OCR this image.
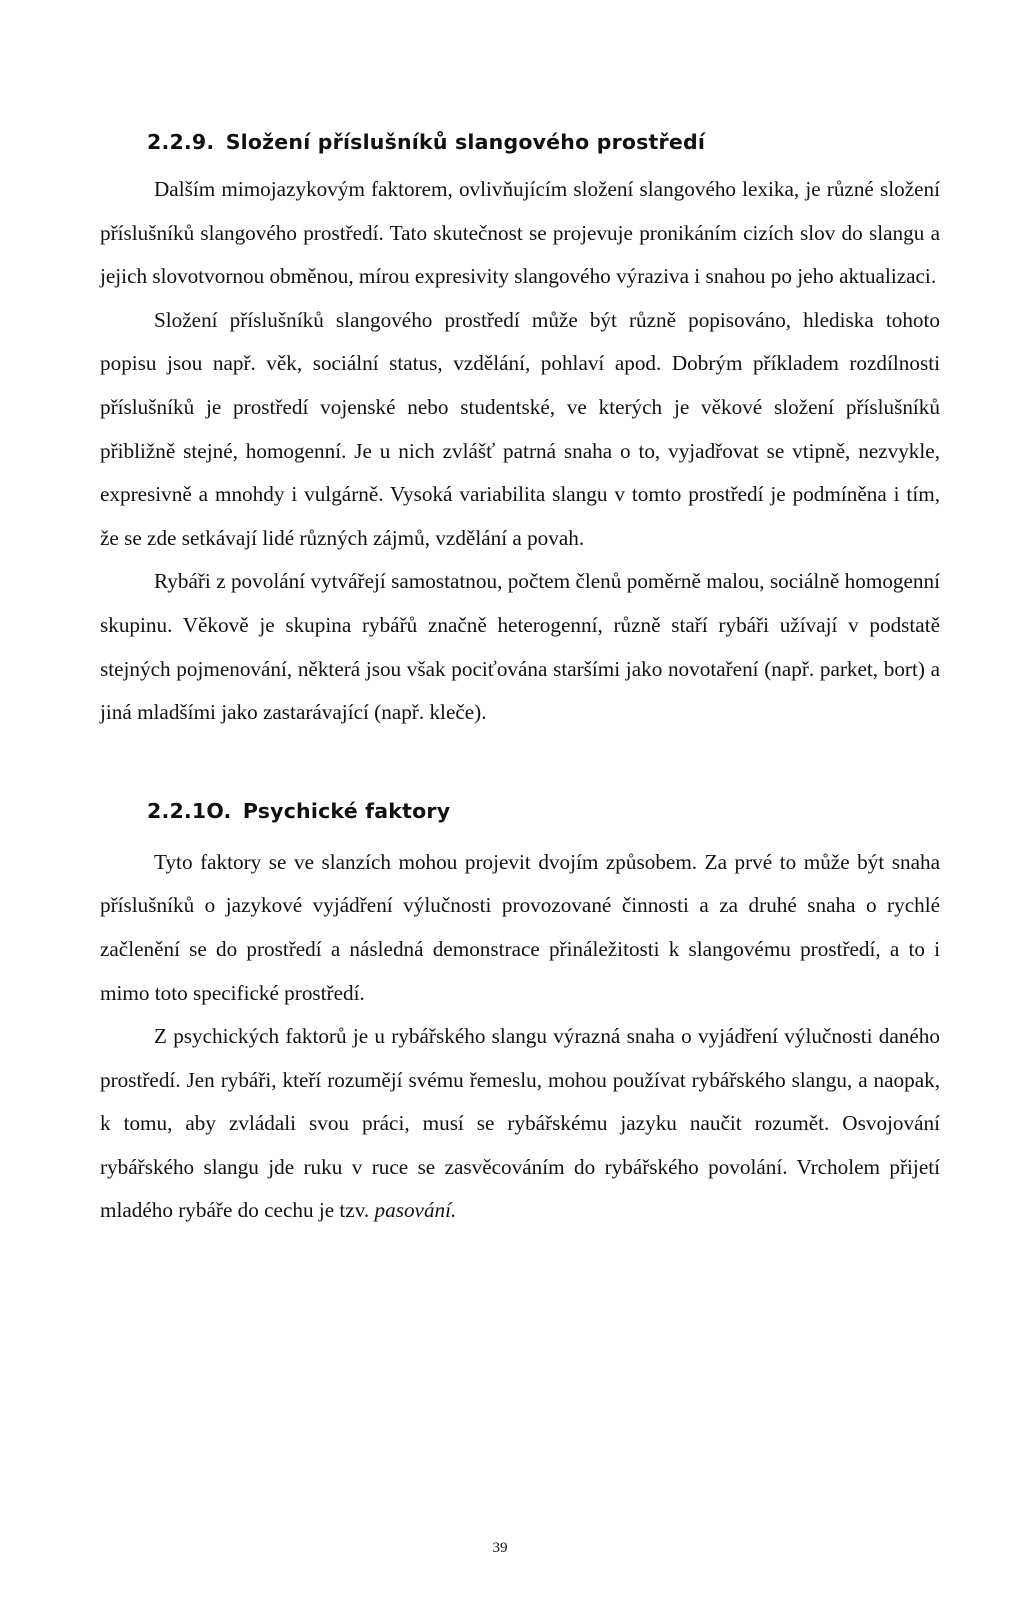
2.2.9. Složení příslušníků slangového prostředí

Dalším mimojazykovým faktorem, ovlivňujícím složení slangového lexika, je různé složení příslušníků slangového prostředí. Tato skutečnost se projevuje pronikáním cizích slov do slangu a jejich slovotvornou obměnou, mírou expresivity slangového výraziva i snahou po jeho aktualizaci.

Složení příslušníků slangového prostředí může být různě popisováno, hlediska tohoto popisu jsou např. věk, sociální status, vzdělání, pohlaví apod. Dobrým příkladem rozdílnosti příslušníků je prostředí vojenské nebo studentské, ve kterých je věkové složení příslušníků přibližně stejné, homogenní. Je u nich zvlášť patrná snaha o to, vyjadřovat se vtipně, nezvykle, expresivně a mnohdy i vulgárně. Vysoká variabilita slangu v tomto prostředí je podmíněna i tím, že se zde setkávají lidé různých zájmů, vzdělání a povah.

Rybáři z povolání vytvářejí samostatnou, počtem členů poměrně malou, sociálně homogenní skupinu. Věkově je skupina rybářů značně heterogenní, různě staří rybáři užívají v podstatě stejných pojmenování, některá jsou však pociťována staršími jako novotaření (např. parket, bort) a jiná mladšími jako zastarávající (např. kleče).

2.2.1O. Psychické faktory

Tyto faktory se ve slanzích mohou projevit dvojím způsobem. Za prvé to může být snaha příslušníků o jazykové vyjádření výlučnosti provozované činnosti a za druhé snaha o rychlé začlenění se do prostředí a následná demonstrace přináležitosti k slangovému prostředí, a to i mimo toto specifické prostředí.

Z psychických faktorů je u rybářského slangu výrazná snaha o vyjádření výlučnosti daného prostředí. Jen rybáři, kteří rozumějí svému řemeslu, mohou používat rybářského slangu, a naopak, k tomu, aby zvládali svou práci, musí se rybářskému jazyku naučit rozumět. Osvojování rybářského slangu jde ruku v ruce se zasvěcováním do rybářského povolání. Vrcholem přijetí mladého rybáře do cechu je tzv. pasování.

39
